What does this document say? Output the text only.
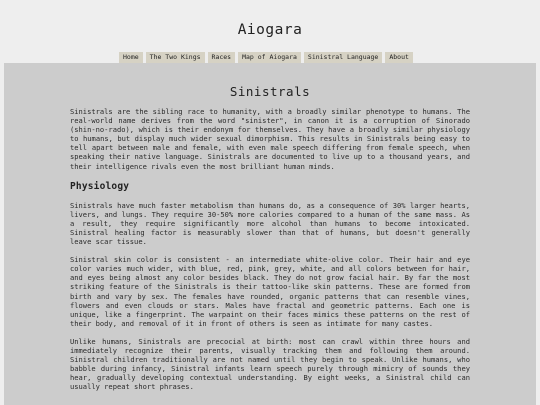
Aiogara
Home	The Two Kings	Races	Map of Aiogara	Sinistral Language	About
Sinistrals

Sinistrals are the sibling race to humanity, with a broadly similar phenotype to humans. The real-world name derives from the word "sinister", in canon it is a corruption of Sinorado (shin-no-rado), which is their endonym for themselves. They have a broadly similar physiology to humans, but display much wider sexual dimorphism. This results in Sinistrals being easy to tell apart between male and female, with even male speech differing from female speech, when speaking their native language. Sinistrals are documented to live up to a thousand years, and their intelligence rivals even the most brilliant human minds.

Physiology

Sinistrals have much faster metabolism than humans do, as a consequence of 30% larger hearts, livers, and lungs. They require 30-50% more calories compared to a human of the same mass. As a result, they require significantly more alcohol than humans to become intoxicated. Sinistral healing factor is measurably slower than that of humans, but doesn't generally leave scar tissue.

Sinistral skin color is consistent - an intermediate white-olive color. Their hair and eye color varies much wider, with blue, red, pink, grey, white, and all colors between for hair, and eyes being almost any color besides black. They do not grow facial hair. By far the most striking feature of the Sinistrals is their tattoo-like skin patterns. These are formed from birth and vary by sex. The females have rounded, organic patterns that can resemble vines, flowers and even clouds or stars. Males have fractal and geometric patterns. Each one is unique, like a fingerprint. The warpaint on their faces mimics these patterns on the rest of their body, and removal of it in front of others is seen as intimate for many castes.

Unlike humans, Sinistrals are precocial at birth: most can crawl within three hours and immediately recognize their parents, visually tracking them and following them around. Sinistral children traditionally are not named until they begin to speak. Unlike humans, who babble during infancy, Sinistral infants learn speech purely through mimicry of sounds they hear, gradually developing contextual understanding. By eight weeks, a Sinistral child can usually repeat short phrases.
